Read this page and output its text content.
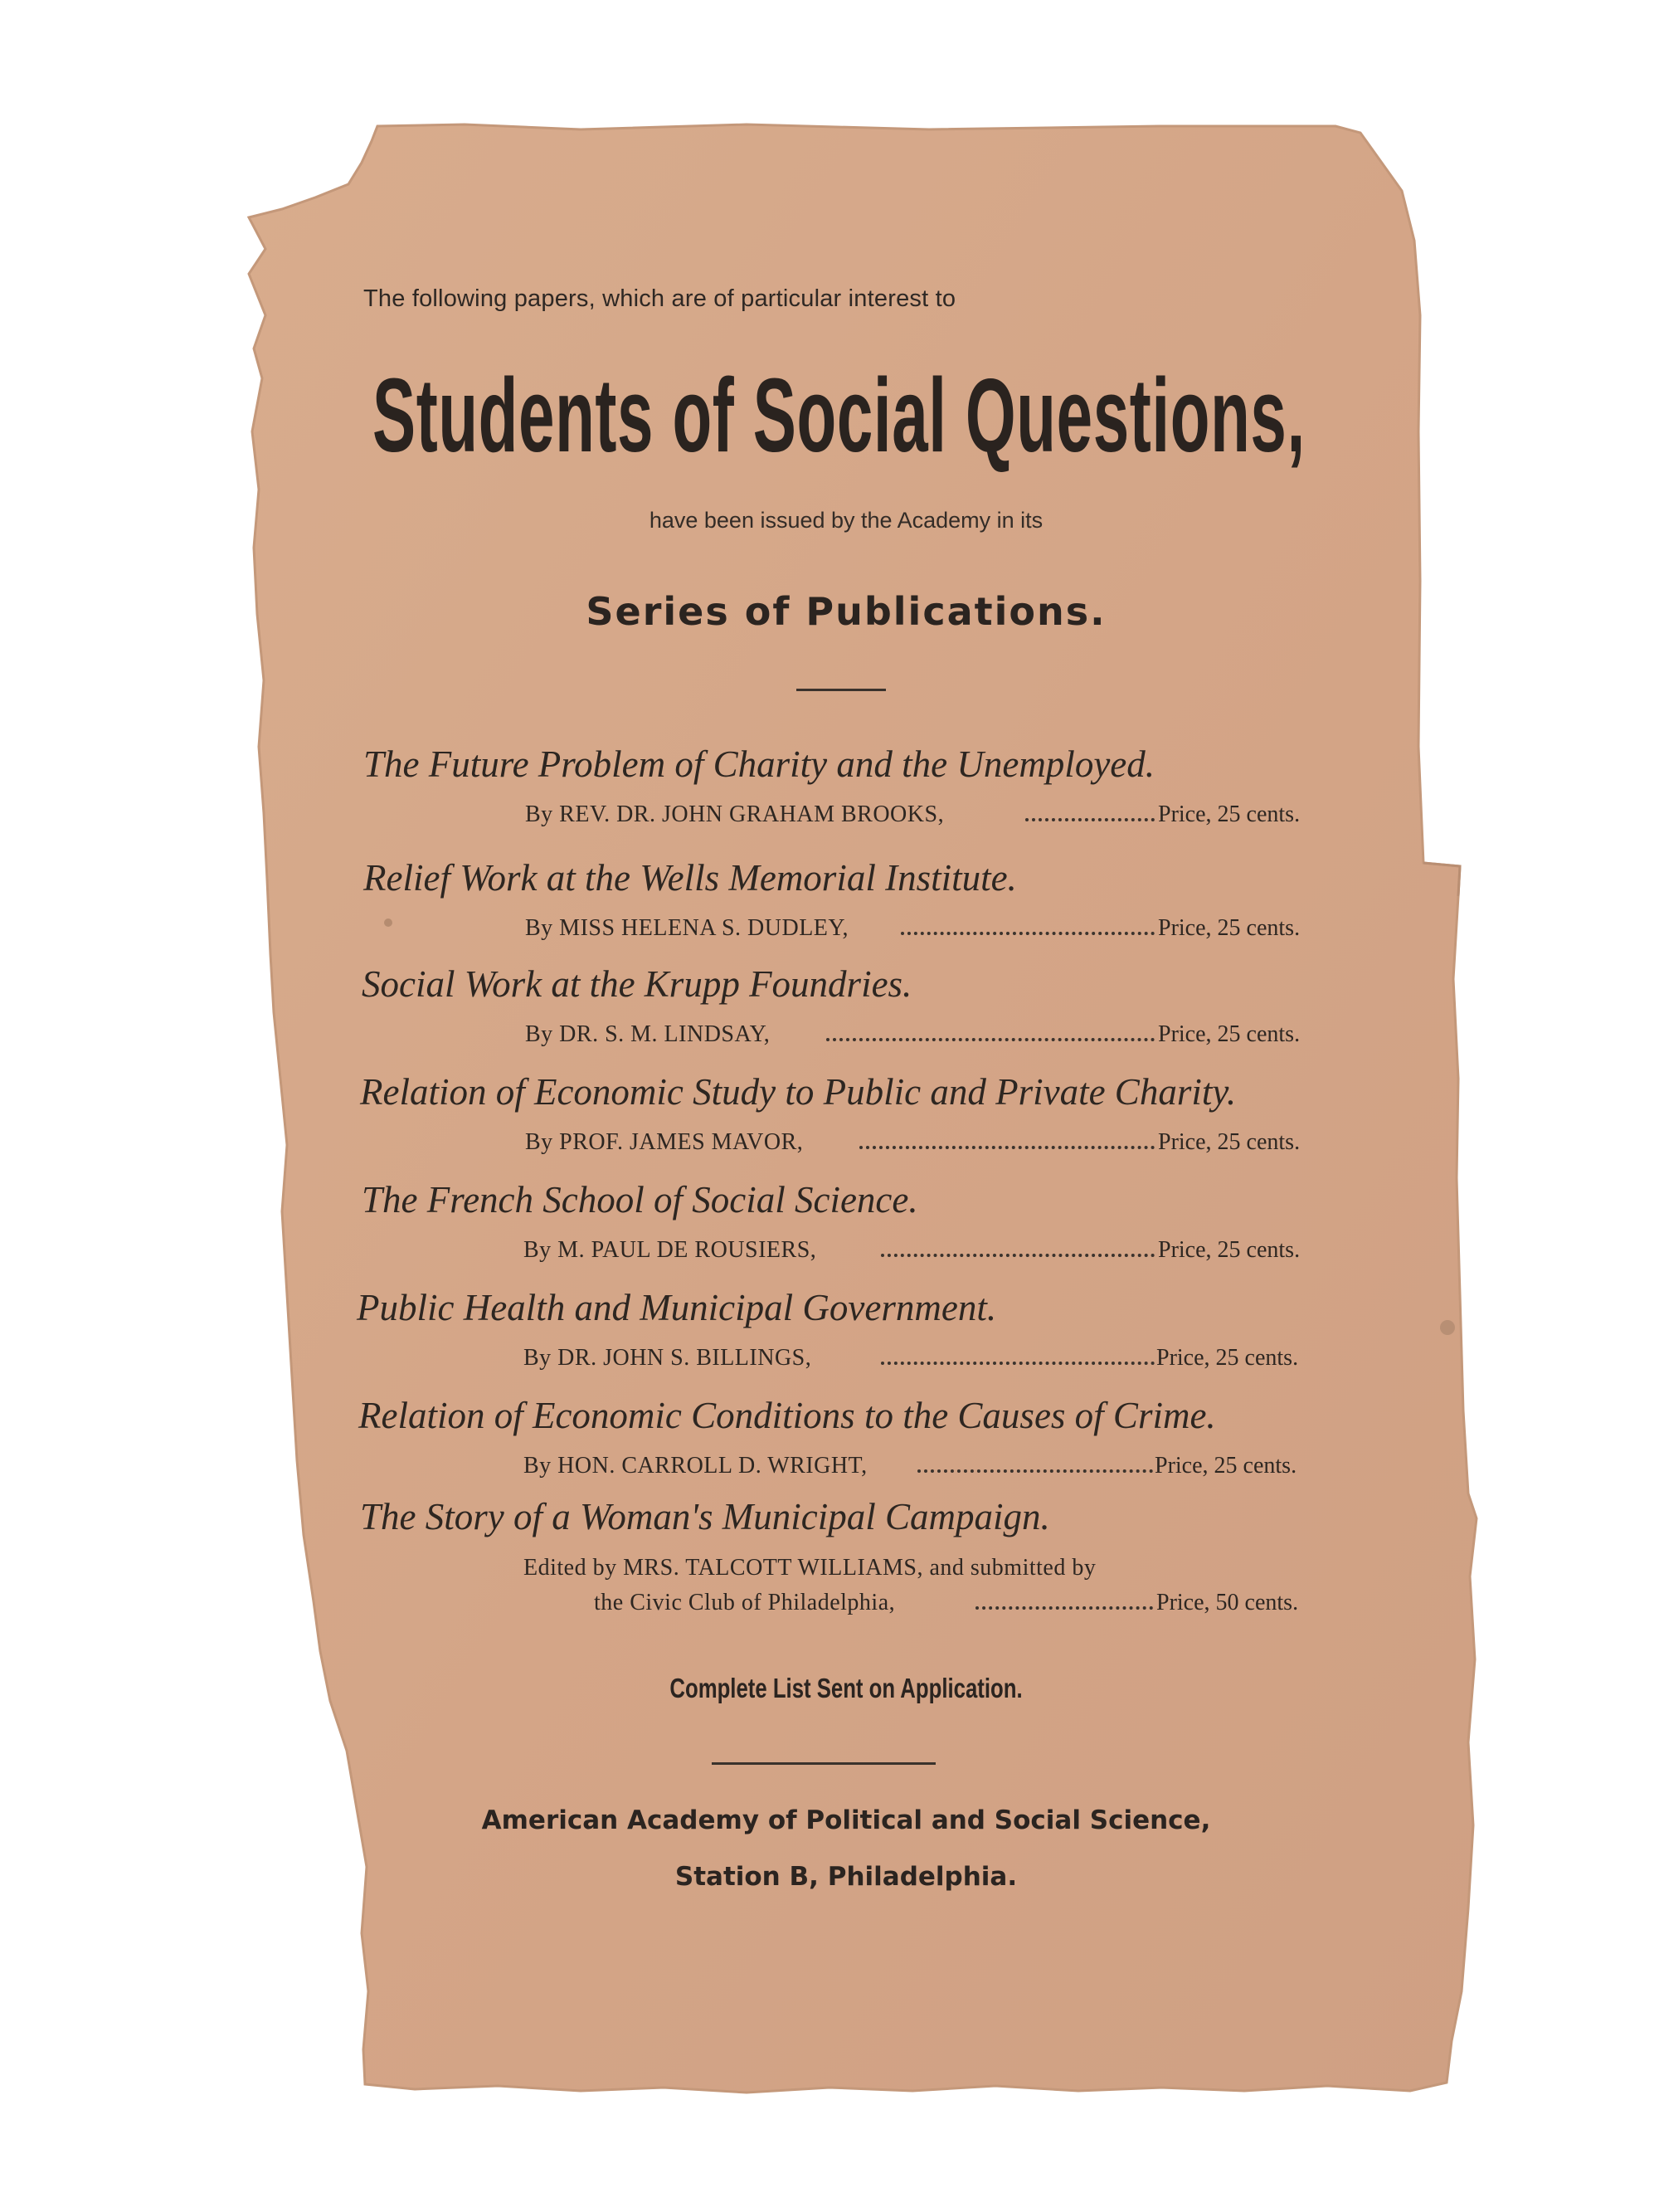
The following papers, which are of particular interest to
Students of Social Questions,
have been issued by the Academy in its
Series of Publications.
The Future Problem of Charity and the Unemployed.
By REV. DR. JOHN GRAHAM BROOKS,	Price, 25 cents.
Relief Work at the Wells Memorial Institute.
By MISS HELENA S. DUDLEY,	Price, 25 cents.
Social Work at the Krupp Foundries.
By DR. S. M. LINDSAY,	Price, 25 cents.
Relation of Economic Study to Public and Private Charity.
By PROF. JAMES MAVOR,	Price, 25 cents.
The French School of Social Science.
By M. PAUL DE ROUSIERS,	Price, 25 cents.
Public Health and Municipal Government.
By DR. JOHN S. BILLINGS,	Price, 25 cents.
Relation of Economic Conditions to the Causes of Crime.
By HON. CARROLL D. WRIGHT,	Price, 25 cents.
The Story of a Woman's Municipal Campaign.
Edited by MRS. TALCOTT WILLIAMS, and submitted by
the Civic Club of Philadelphia,	Price, 50 cents.
Complete List Sent on Application.
American Academy of Political and Social Science,
Station B, Philadelphia.
